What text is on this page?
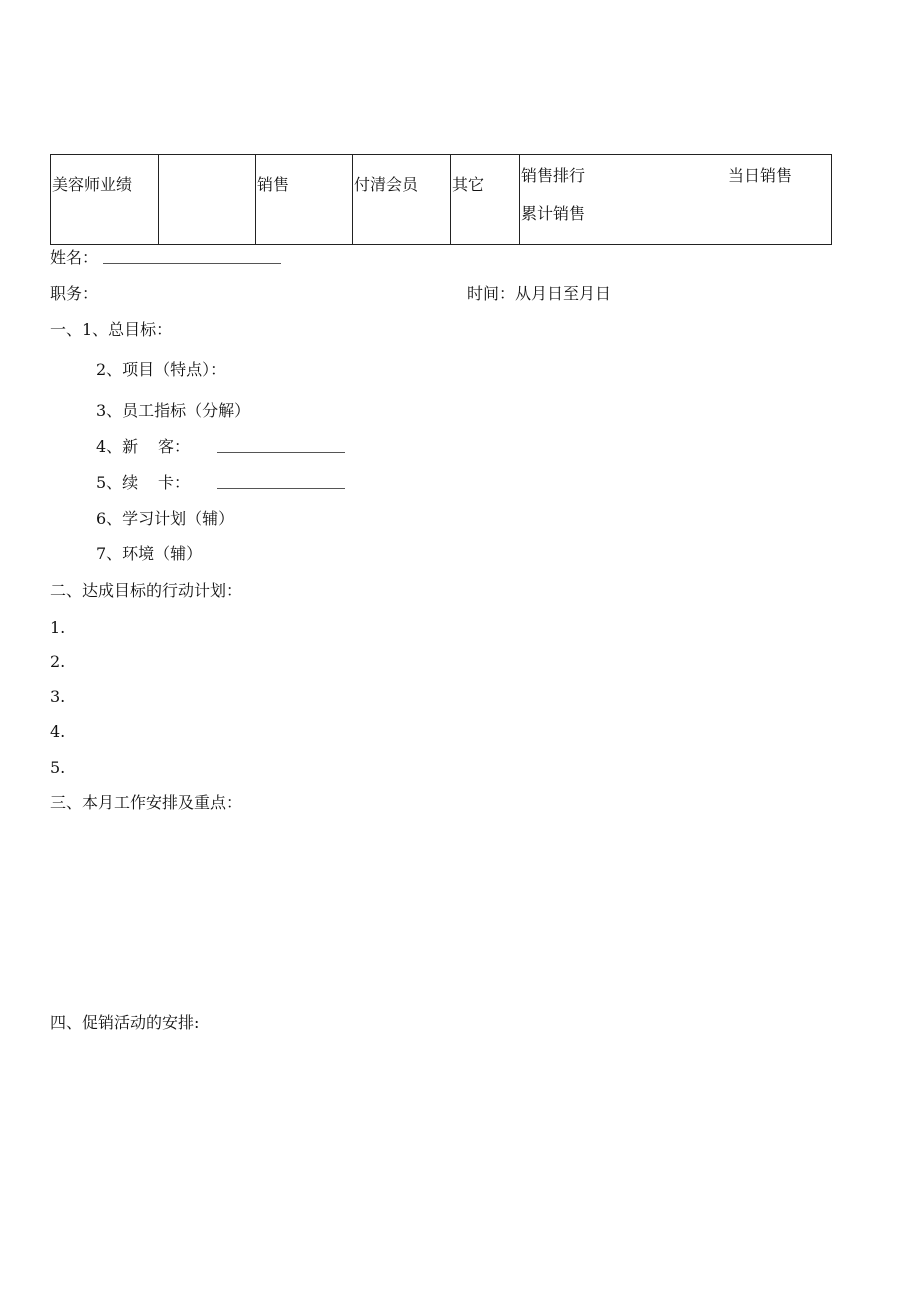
美容师业绩		销售	付清会员	其它	销售排行	当日销售
累计销售
姓名：
职务：	时间：从月日至月日
一、1、总目标：
2、项目（特点）：
3、员工指标（分解）
4、新 客：
5、续 卡：
6、学习计划（辅）
7、环境（辅）
二、达成目标的行动计划：
1.
2.
3.
4.
5.
三、本月工作安排及重点：
四、促销活动的安排:
